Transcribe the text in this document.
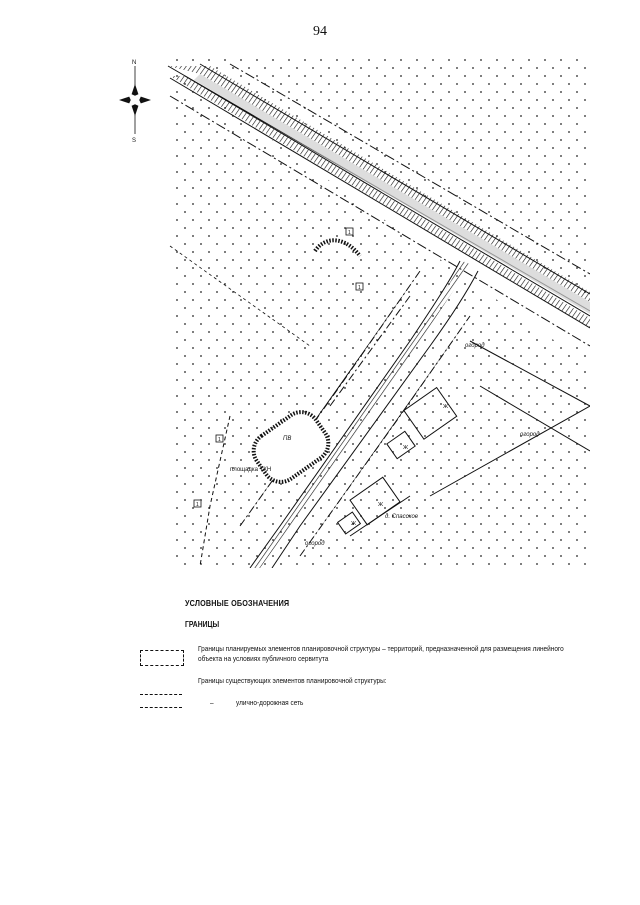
94
N
S
огород
огород
огород
д. Спасское
площадка ТКН
ПВ
Ж
Ж
Ж
Ж
1
1
1
1
УСЛОВНЫЕ ОБОЗНАЧЕНИЯ
ГРАНИЦЫ
Границы планируемых элементов планировочной структуры – территорий, предназначенной для размещения линейного объекта на условиях публичного сервитута
Границы существующих элементов планировочной структуры:
–	улично-дорожная сеть
